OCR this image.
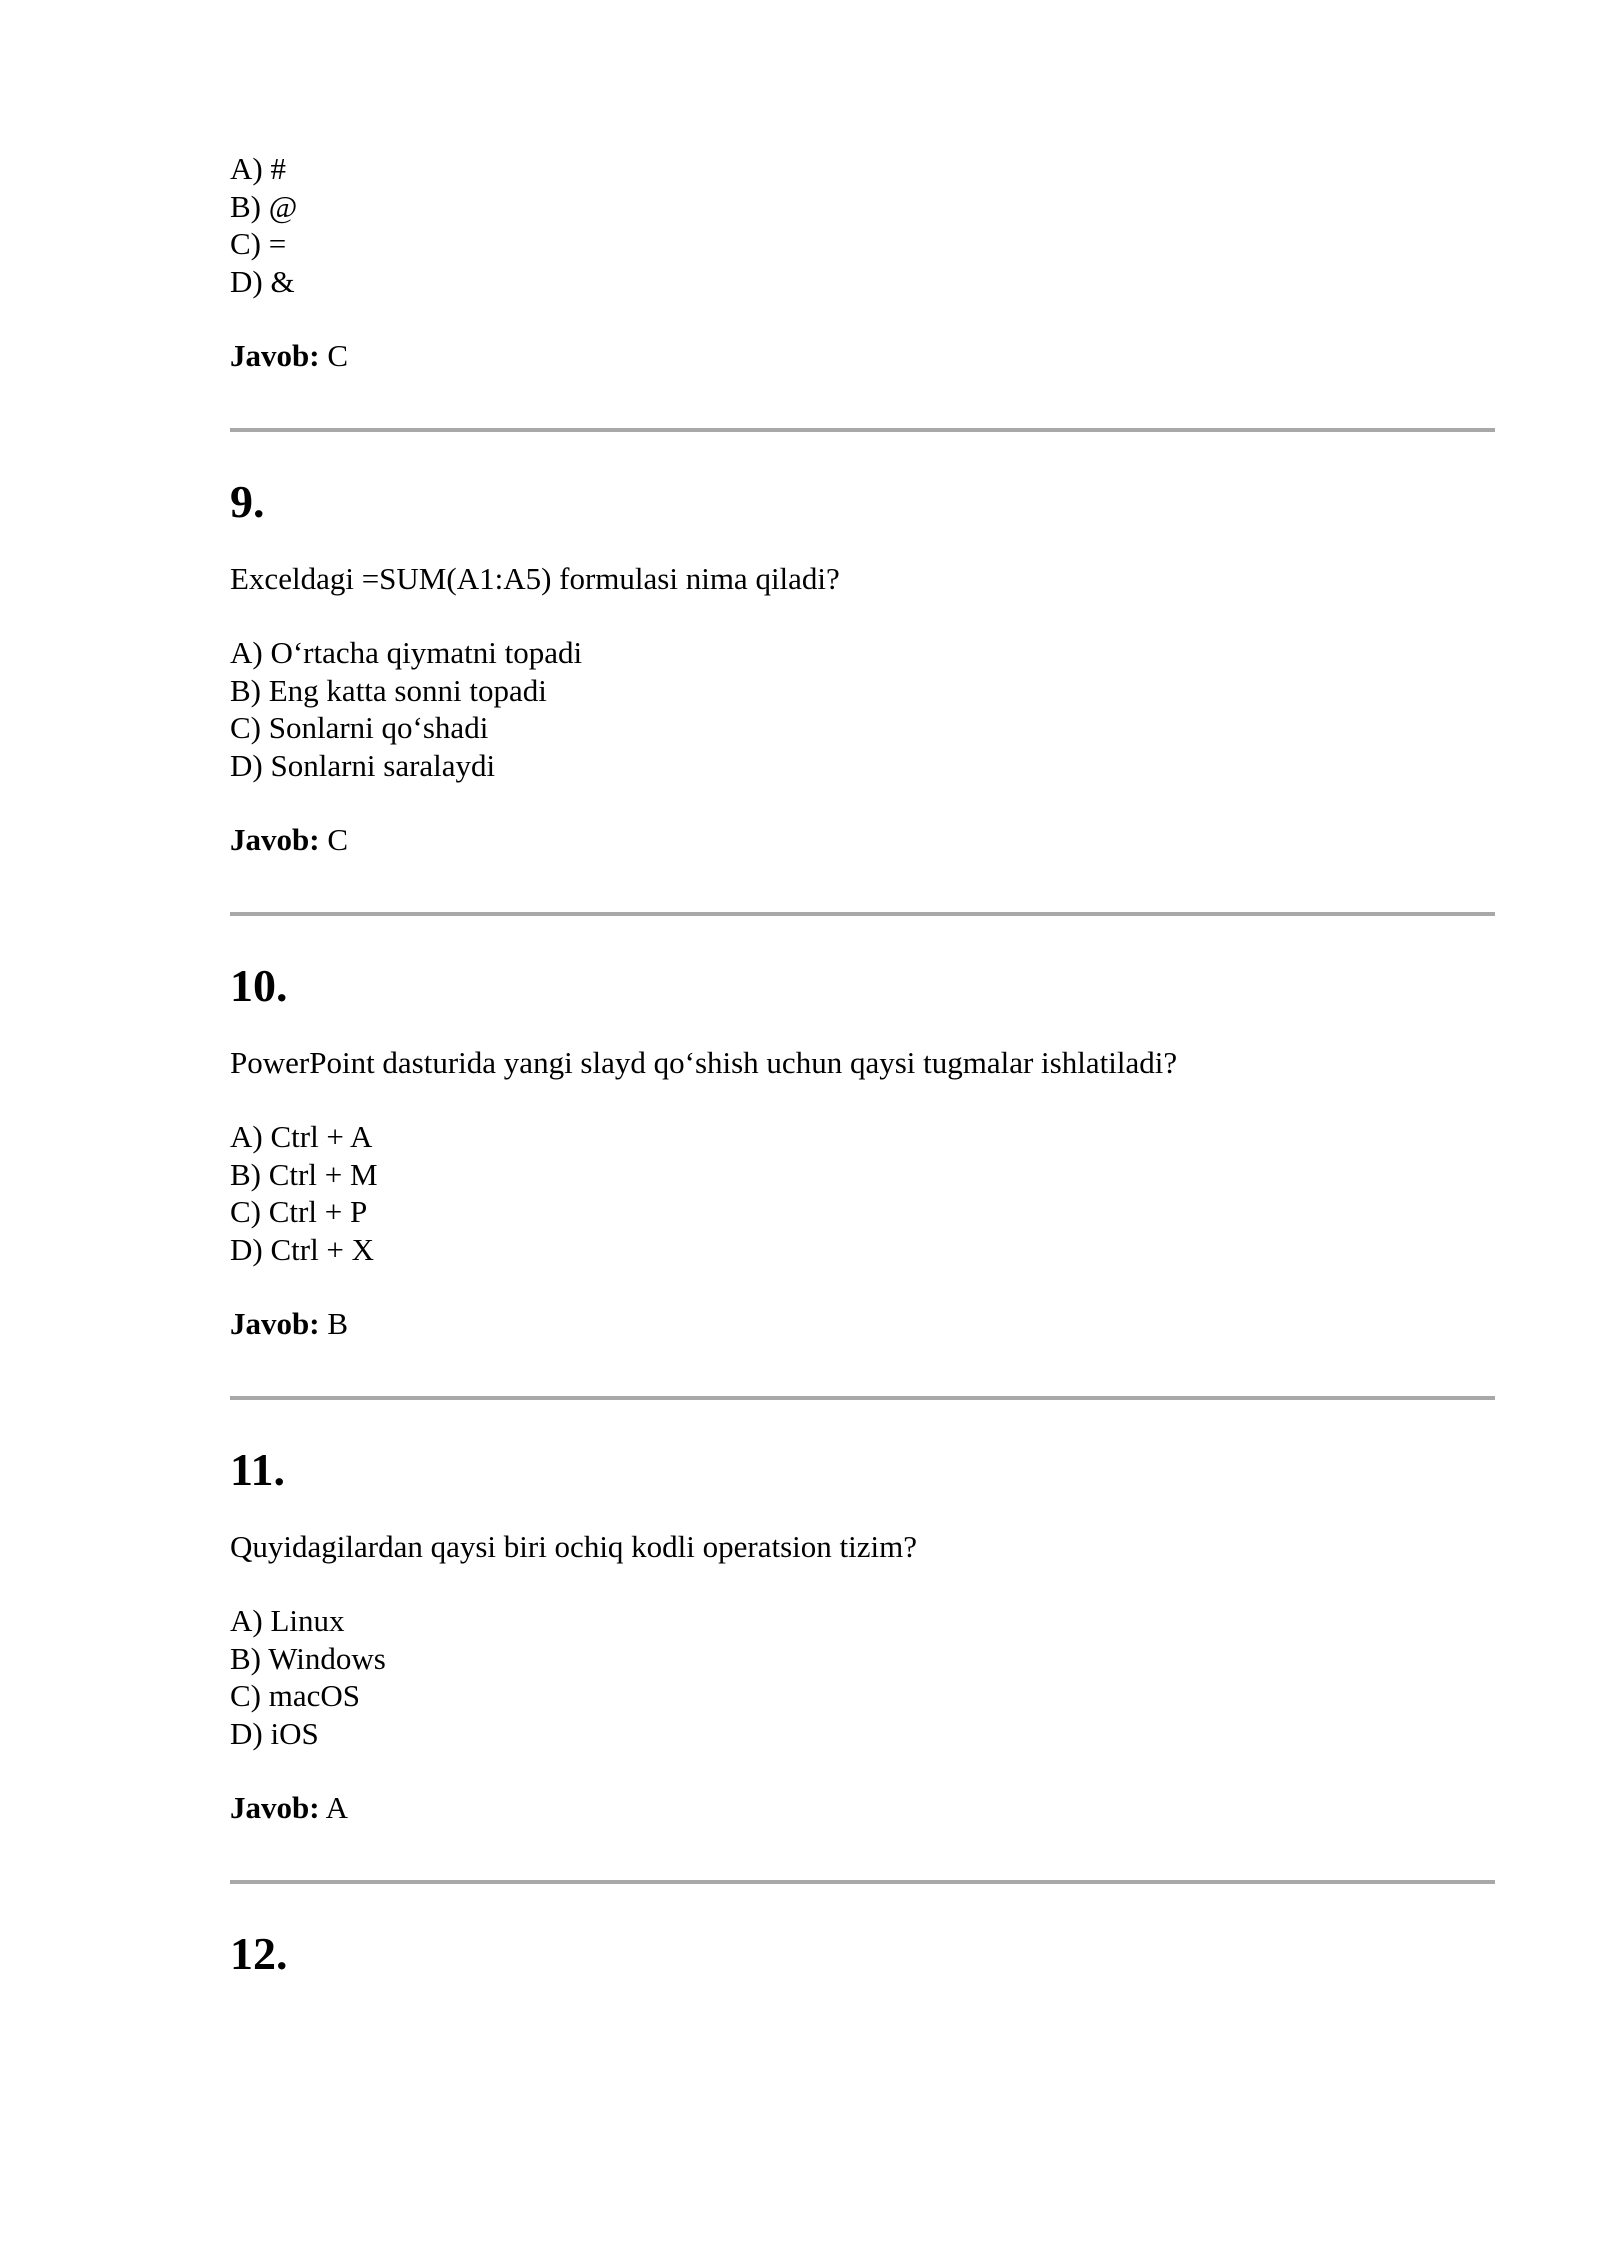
A) #
B) @
C) =
D) &
Javob: C
9.
Exceldagi =SUM(A1:A5) formulasi nima qiladi?
A) O‘rtacha qiymatni topadi
B) Eng katta sonni topadi
C) Sonlarni qo‘shadi
D) Sonlarni saralaydi
Javob: C
10.
PowerPoint dasturida yangi slayd qo‘shish uchun qaysi tugmalar ishlatiladi?
A) Ctrl + A
B) Ctrl + M
C) Ctrl + P
D) Ctrl + X
Javob: B
11.
Quyidagilardan qaysi biri ochiq kodli operatsion tizim?
A) Linux
B) Windows
C) macOS
D) iOS
Javob: A
12.
